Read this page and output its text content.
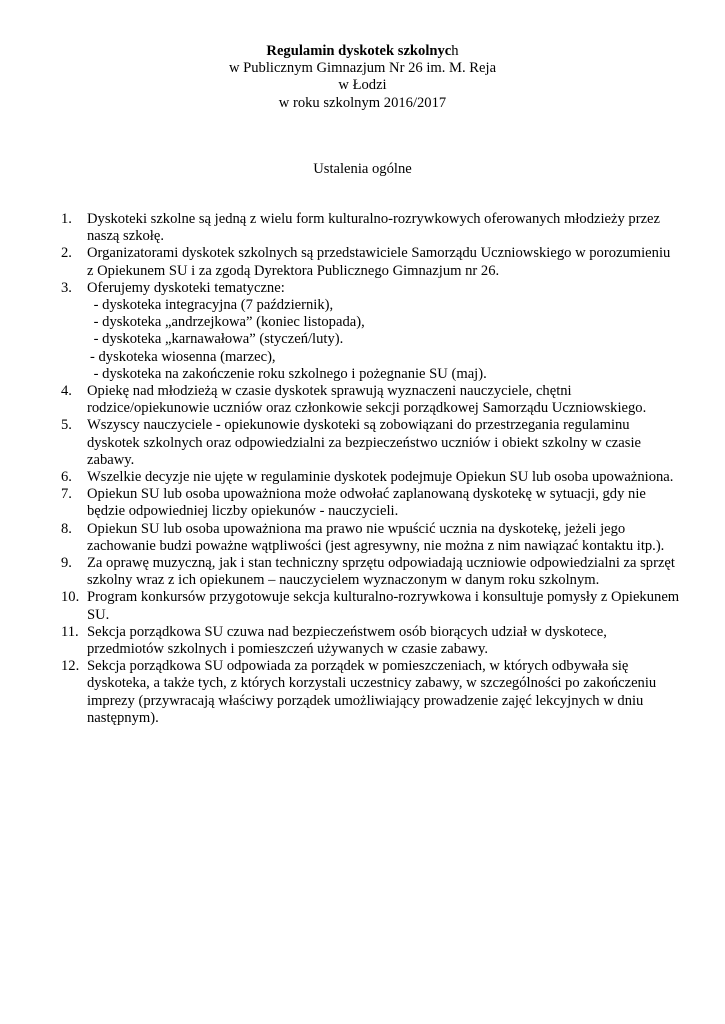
Regulamin dyskotek szkolnych
w Publicznym Gimnazjum Nr 26 im. M. Reja
w Łodzi
w roku szkolnym 2016/2017
Ustalenia ogólne
1.	Dyskoteki szkolne są jedną z wielu form kulturalno-rozrywkowych oferowanych młodzieży przez
naszą szkołę.
2.	Organizatorami dyskotek szkolnych są przedstawiciele Samorządu Uczniowskiego w porozumieniu
z Opiekunem SU i za zgodą Dyrektora Publicznego Gimnazjum nr 26.
3.	Oferujemy dyskoteki tematyczne:
- dyskoteka integracyjna (7 październik),
- dyskoteka „andrzejkowa” (koniec listopada),
- dyskoteka „karnawałowa” (styczeń/luty).
- dyskoteka wiosenna (marzec),
- dyskoteka na zakończenie roku szkolnego i pożegnanie SU (maj).
4.	Opiekę nad młodzieżą w czasie dyskotek sprawują wyznaczeni nauczyciele, chętni
rodzice/opiekunowie uczniów oraz członkowie sekcji porządkowej Samorządu Uczniowskiego.
5.	Wszyscy nauczyciele - opiekunowie dyskoteki są zobowiązani do przestrzegania regulaminu
dyskotek szkolnych oraz odpowiedzialni za bezpieczeństwo uczniów i obiekt szkolny w czasie
zabawy.
6.	Wszelkie decyzje nie ujęte w regulaminie dyskotek podejmuje Opiekun SU lub osoba upoważniona.
7.	Opiekun SU lub osoba upoważniona może odwołać zaplanowaną dyskotekę w sytuacji, gdy nie
będzie odpowiedniej liczby opiekunów - nauczycieli.
8.	Opiekun SU lub osoba upoważniona ma prawo nie wpuścić ucznia na dyskotekę, jeżeli jego
zachowanie budzi poważne wątpliwości (jest agresywny, nie można z nim nawiązać kontaktu itp.).
9.	Za oprawę muzyczną, jak i stan techniczny sprzętu odpowiadają uczniowie odpowiedzialni za sprzęt
szkolny wraz z ich opiekunem – nauczycielem wyznaczonym w danym roku szkolnym.
10. Program konkursów przygotowuje sekcja kulturalno-rozrywkowa i konsultuje pomysły z Opiekunem
SU.
11. Sekcja porządkowa SU czuwa nad bezpieczeństwem osób biorących udział w dyskotece,
przedmiotów szkolnych i pomieszczeń używanych w czasie zabawy.
12. Sekcja porządkowa SU odpowiada za porządek w pomieszczeniach, w których odbywała się
dyskoteka, a także tych, z których korzystali uczestnicy zabawy, w szczególności po zakończeniu
imprezy (przywracają właściwy porządek umożliwiający prowadzenie zajęć lekcyjnych w dniu
następnym).
